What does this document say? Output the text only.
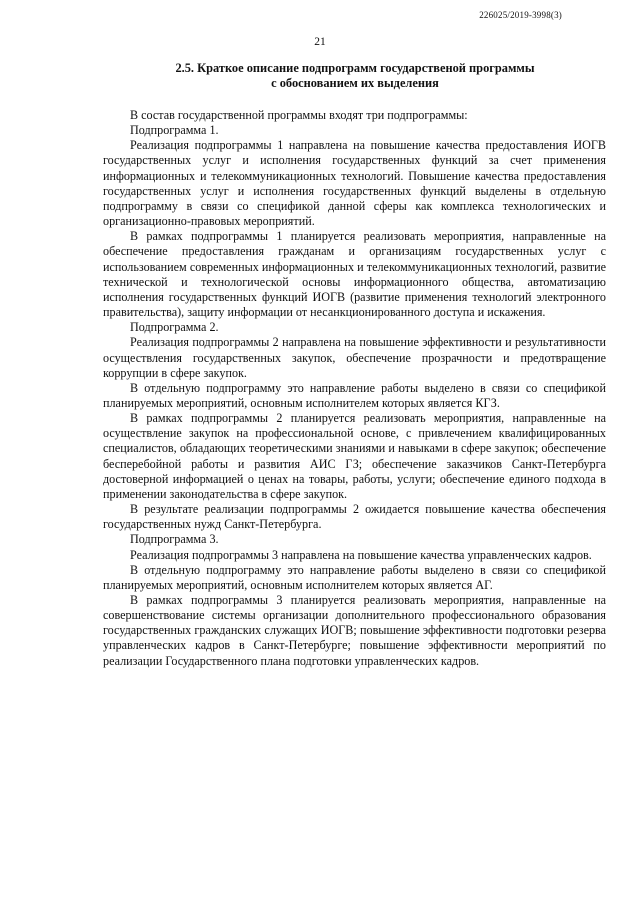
226025/2019-3998(3)
21
2.5. Краткое описание подпрограмм государственой программы
с обоснованием их выделения

В состав государственной программы входят три подпрограммы:

Подпрограмма 1.

Реализация подпрограммы 1 направлена на повышение качества предоставления ИОГВ государственных услуг и исполнения государственных функций за счет применения информационных и телекоммуникационных технологий. Повышение качества предоставления государственных услуг и исполнения государственных функций выделены в отдельную подпрограмму в связи со спецификой данной сферы как комплекса технологических и организационно-правовых мероприятий.

В рамках подпрограммы 1 планируется реализовать мероприятия, направленные на обеспечение предоставления гражданам и организациям государственных услуг с использованием современных информационных и телекоммуникационных технологий, развитие технической и технологической основы информационного общества, автоматизацию исполнения государственных функций ИОГВ (развитие применения технологий электронного правительства), защиту информации от несанкционированного доступа и искажения.

Подпрограмма 2.

Реализация подпрограммы 2 направлена на повышение эффективности и результативности осуществления государственных закупок, обеспечение прозрачности и предотвращение коррупции в сфере закупок.

В отдельную подпрограмму это направление работы выделено в связи со спецификой планируемых мероприятий, основным исполнителем которых является КГЗ.

В рамках подпрограммы 2 планируется реализовать мероприятия, направленные на осуществление закупок на профессиональной основе, с привлечением квалифицированных специалистов, обладающих теоретическими знаниями и навыками в сфере закупок; обеспечение бесперебойной работы и развития АИС ГЗ; обеспечение заказчиков Санкт-Петербурга достоверной информацией о ценах на товары, работы, услуги; обеспечение единого подхода в применении законодательства в сфере закупок.

В результате реализации подпрограммы 2 ожидается повышение качества обеспечения государственных нужд Санкт-Петербурга.

Подпрограмма 3.

Реализация подпрограммы 3 направлена на повышение качества управленческих кадров.

В отдельную подпрограмму это направление работы выделено в связи со спецификой планируемых мероприятий, основным исполнителем которых является АГ.

В рамках подпрограммы 3 планируется реализовать мероприятия, направленные на совершенствование системы организации дополнительного профессионального образования государственных гражданских служащих ИОГВ; повышение эффективности подготовки резерва управленческих кадров в Санкт-Петербурге; повышение эффективности мероприятий по реализации Государственного плана подготовки управленческих кадров.
